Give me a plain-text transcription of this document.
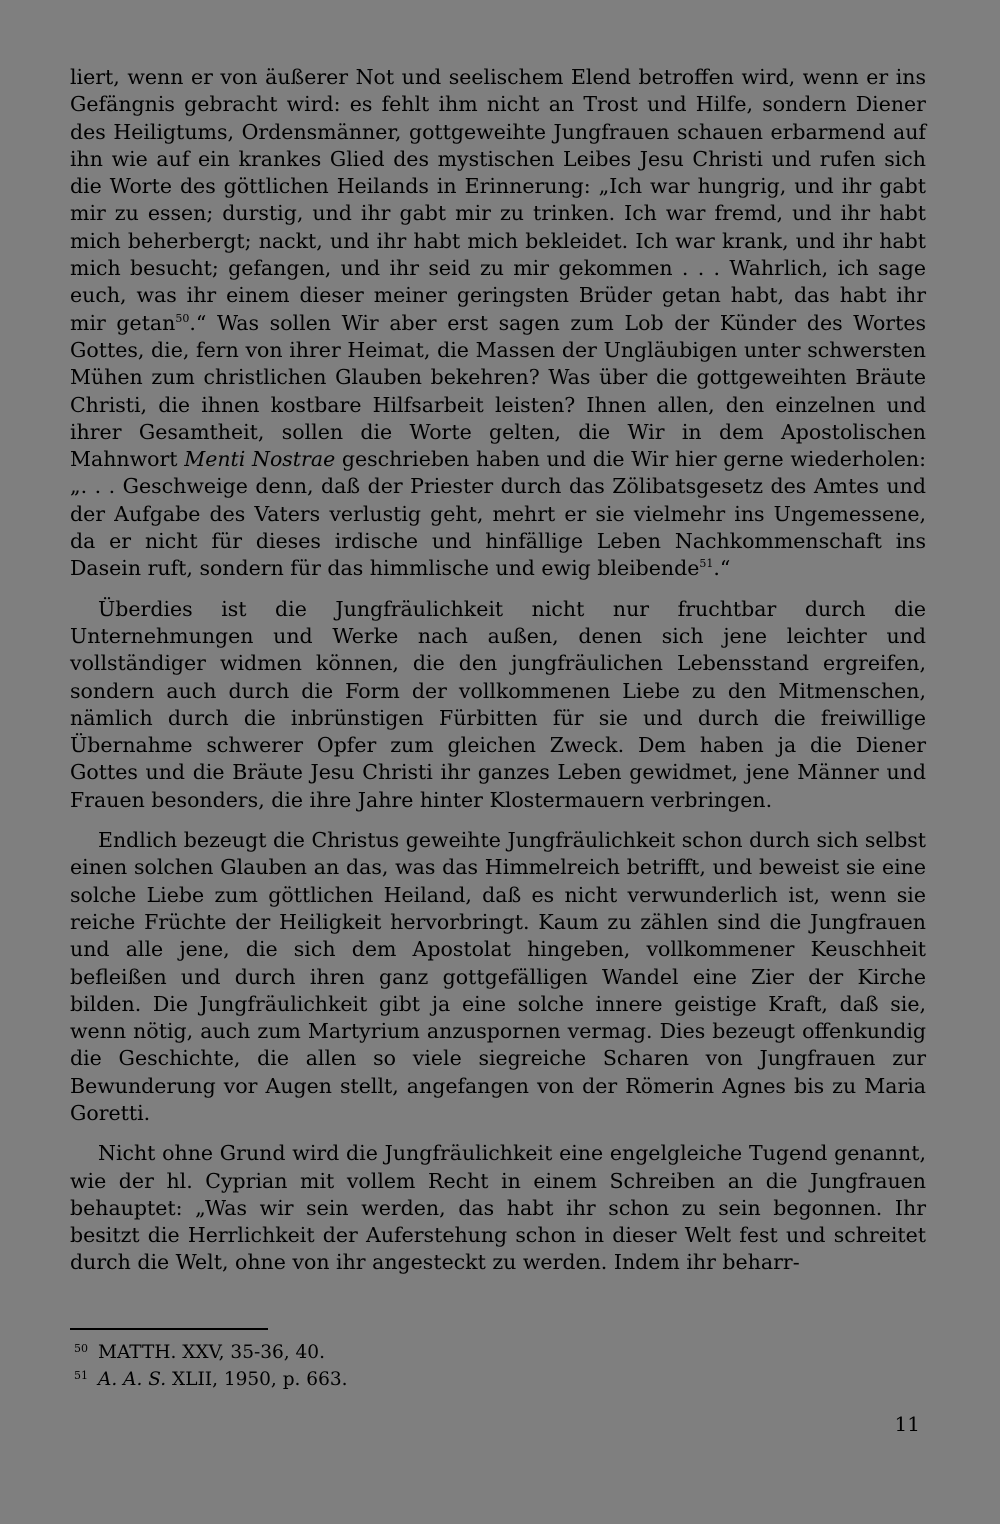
liert, wenn er von äußerer Not und seelischem Elend betroffen wird, wenn er ins Gefängnis gebracht wird: es fehlt ihm nicht an Trost und Hilfe, sondern Diener des Heiligtums, Ordensmänner, gottgeweihte Jungfrauen schauen erbarmend auf ihn wie auf ein krankes Glied des mystischen Leibes Jesu Christi und rufen sich die Worte des göttlichen Heilands in Erinnerung: „Ich war hungrig, und ihr gabt mir zu essen; durstig, und ihr gabt mir zu trinken. Ich war fremd, und ihr habt mich beherbergt; nackt, und ihr habt mich bekleidet. Ich war krank, und ihr habt mich besucht; gefangen, und ihr seid zu mir gekommen . . . Wahrlich, ich sage euch, was ihr einem dieser meiner geringsten Brüder getan habt, das habt ihr mir getan$^{50}$.“ Was sollen Wir aber erst sagen zum Lob der Künder des Wortes Gottes, die, fern von ihrer Heimat, die Massen der Ungläubigen unter schwersten Mühen zum christlichen Glauben bekehren? Was über die gottgeweihten Bräute Christi, die ihnen kostbare Hilfsarbeit leisten? Ihnen allen, den einzelnen und ihrer Gesamtheit, sollen die Worte gelten, die Wir in dem Apostolischen Mahnwort Menti Nostrae geschrieben haben und die Wir hier gerne wiederholen: „. . . Geschweige denn, daß der Priester durch das Zölibatsgesetz des Amtes und der Aufgabe des Vaters verlustig geht, mehrt er sie vielmehr ins Ungemessene, da er nicht für dieses irdische und hinfällige Leben Nachkommenschaft ins Dasein ruft, sondern für das himmlische und ewig bleibende$^{51}$.“

Überdies ist die Jungfräulichkeit nicht nur fruchtbar durch die Unternehmungen und Werke nach außen, denen sich jene leichter und vollständiger widmen können, die den jungfräulichen Lebensstand ergreifen, sondern auch durch die Form der vollkommenen Liebe zu den Mitmenschen, nämlich durch die inbrünstigen Fürbitten für sie und durch die freiwillige Übernahme schwerer Opfer zum gleichen Zweck. Dem haben ja die Diener Gottes und die Bräute Jesu Christi ihr ganzes Leben gewidmet, jene Männer und Frauen besonders, die ihre Jahre hinter Klostermauern verbringen.

Endlich bezeugt die Christus geweihte Jungfräulichkeit schon durch sich selbst einen solchen Glauben an das, was das Himmelreich betrifft, und beweist sie eine solche Liebe zum göttlichen Heiland, daß es nicht verwunderlich ist, wenn sie reiche Früchte der Heiligkeit hervorbringt. Kaum zu zählen sind die Jungfrauen und alle jene, die sich dem Apostolat hingeben, vollkommener Keuschheit befleißen und durch ihren ganz gottgefälligen Wandel eine Zier der Kirche bilden. Die Jungfräulichkeit gibt ja eine solche innere geistige Kraft, daß sie, wenn nötig, auch zum Martyrium anzuspornen vermag. Dies bezeugt offenkundig die Geschichte, die allen so viele siegreiche Scharen von Jungfrauen zur Bewunderung vor Augen stellt, angefangen von der Römerin Agnes bis zu Maria Goretti.

Nicht ohne Grund wird die Jungfräulichkeit eine engelgleiche Tugend genannt, wie der hl. Cyprian mit vollem Recht in einem Schreiben an die Jungfrauen behauptet: „Was wir sein werden, das habt ihr schon zu sein begonnen. Ihr besitzt die Herrlichkeit der Auferstehung schon in dieser Welt fest und schreitet durch die Welt, ohne von ihr angesteckt zu werden. Indem ihr beharr-

50 MATTH. XXV, 35-36, 40.
51 A. A. S. XLII, 1950, p. 663.
11
